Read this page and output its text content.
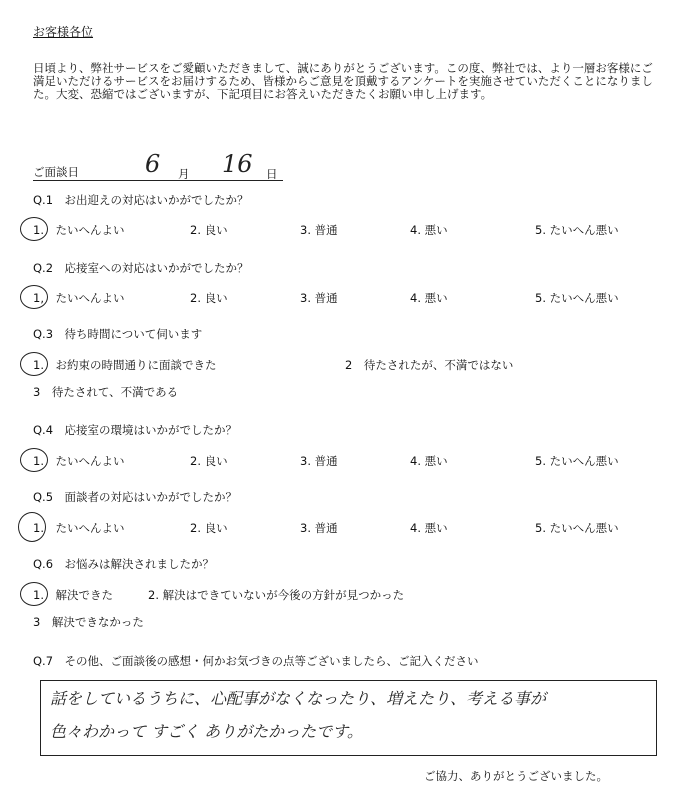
お客様各位
日頃より、弊社サービスをご愛顧いただきまして、誠にありがとうございます。この度、弊社では、より一層お客様にご満足いただけるサービスをお届けするため、皆様からご意見を頂戴するアンケートを実施させていただくことになりました。大変、恐縮ではございますが、下記項目にお答えいただきたくお願い申し上げます。
ご面談日	6 月 16 日
Q.1　お出迎えの対応はいかがでしたか？
1.　たいへんよい	2. 良い	3. 普通	4. 悪い	5. たいへん悪い
Q.2　応接室への対応はいかがでしたか？
1,　たいへんよい	2. 良い	3. 普通	4. 悪い	5. たいへん悪い
Q.3　待ち時間について伺います
1.　お約束の時間通りに面談できた	2　待たされたが、不満ではない
3　待たされて、不満である
Q.4　応接室の環境はいかがでしたか？
1.　たいへんよい	2. 良い	3. 普通	4. 悪い	5. たいへん悪い
Q.5　面談者の対応はいかがでしたか？
1.　たいへんよい	2. 良い	3. 普通	4. 悪い	5. たいへん悪い
Q.6　お悩みは解決されましたか？
1.　解決できた	2. 解決はできていないが今後の方針が見つかった
3　解決できなかった
Q.7　その他、ご面談後の感想・何かお気づきの点等ございましたら、ご記入ください
話をしているうちに、心配事がなくなったり、増えたり、考える事が
色々わかって すごく ありがたかったです。
ご協力、ありがとうございました。
